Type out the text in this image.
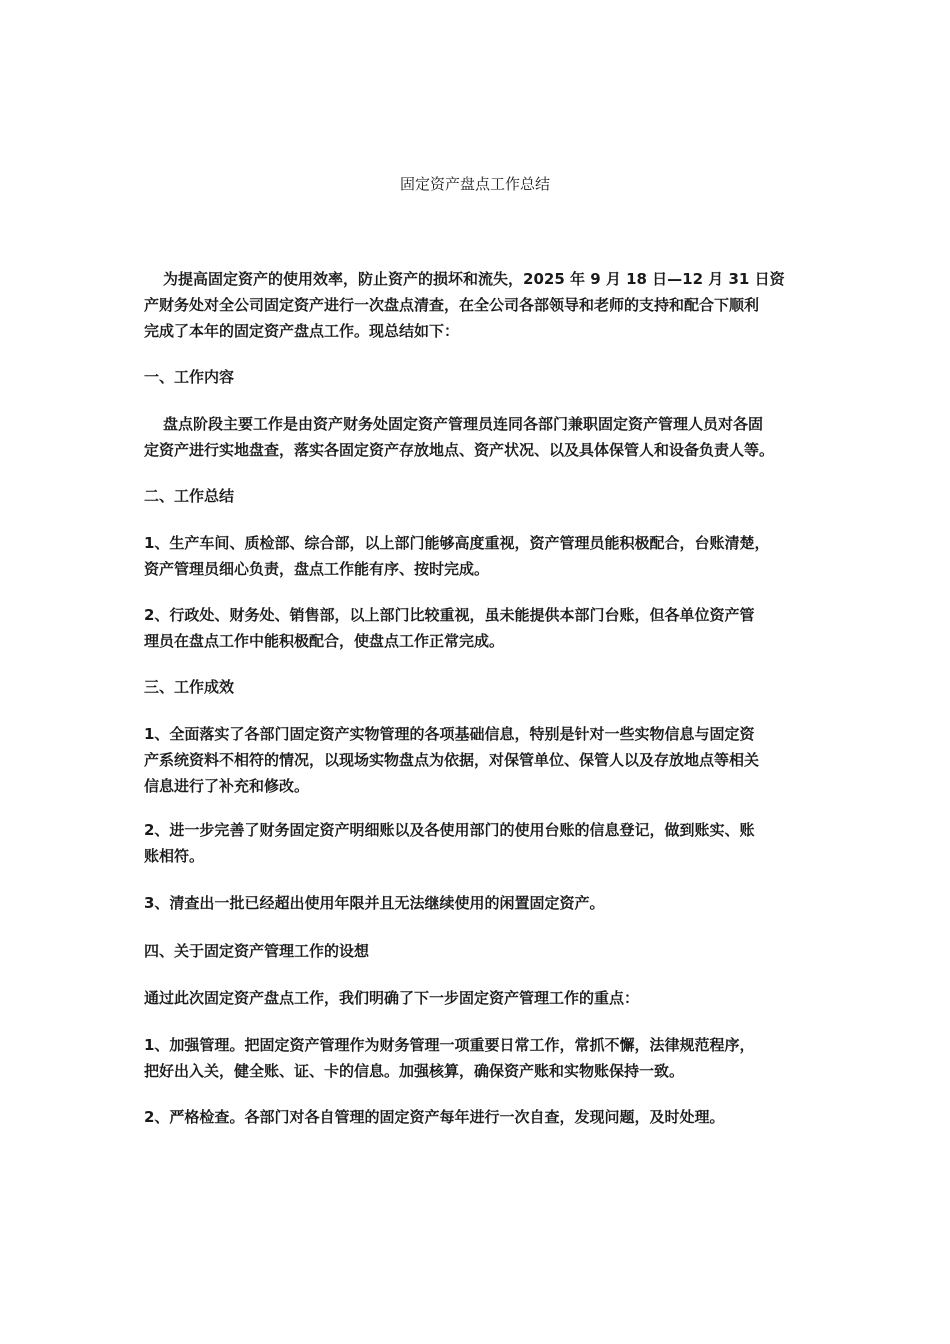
固定资产盘点工作总结
为提高固定资产的使用效率，防止资产的损坏和流失，2025 年 9 月 18 日—12 月 31 日资
产财务处对全公司固定资产进行一次盘点清查，在全公司各部领导和老师的支持和配合下顺利
完成了本年的固定资产盘点工作。现总结如下：
一、工作内容
盘点阶段主要工作是由资产财务处固定资产管理员连同各部门兼职固定资产管理人员对各固
定资产进行实地盘查，落实各固定资产存放地点、资产状况、以及具体保管人和设备负责人等。
二、工作总结
1、生产车间、质检部、综合部，以上部门能够高度重视，资产管理员能积极配合，台账清楚，
资产管理员细心负责，盘点工作能有序、按时完成。
2、行政处、财务处、销售部，以上部门比较重视，虽未能提供本部门台账，但各单位资产管
理员在盘点工作中能积极配合，使盘点工作正常完成。
三、工作成效
1、全面落实了各部门固定资产实物管理的各项基础信息，特别是针对一些实物信息与固定资
产系统资料不相符的情况，以现场实物盘点为依据，对保管单位、保管人以及存放地点等相关
信息进行了补充和修改。
2、进一步完善了财务固定资产明细账以及各使用部门的使用台账的信息登记，做到账实、账
账相符。
3、清查出一批已经超出使用年限并且无法继续使用的闲置固定资产。
四、关于固定资产管理工作的设想
通过此次固定资产盘点工作，我们明确了下一步固定资产管理工作的重点：
1、加强管理。把固定资产管理作为财务管理一项重要日常工作，常抓不懈，法律规范程序，
把好出入关，健全账、证、卡的信息。加强核算，确保资产账和实物账保持一致。
2、严格检查。各部门对各自管理的固定资产每年进行一次自查，发现问题，及时处理。
